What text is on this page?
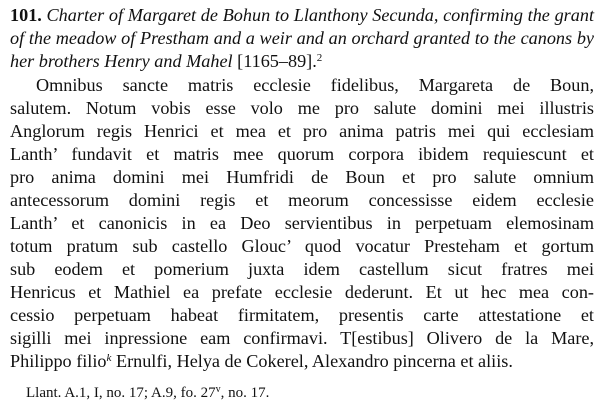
101. Charter of Margaret de Bohun to Llanthony Secunda, confirming the grant of the meadow of Prestham and a weir and an orchard granted to the canons by her brothers Henry and Mahel [1165–89].$^2$

Omnibus sancte matris ecclesie fidelibus, Margareta de Boun,
salutem. Notum vobis esse volo me pro salute domini mei illustris
Anglorum regis Henrici et mea et pro anima patris mei qui ecclesiam
Lanth’ fundavit et matris mee quorum corpora ibidem requiescunt et
pro anima domini mei Humfridi de Boun et pro salute omnium
antecessorum domini regis et meorum concessisse eidem ecclesie
Lanth’ et canonicis in ea Deo servientibus in perpetuam elemosinam
totum pratum sub castello Glouc’ quod vocatur Presteham et gortum
sub eodem et pomerium juxta idem castellum sicut fratres mei
Henricus et Mathiel ea prefate ecclesie dederunt. Et ut hec mea con-
cessio perpetuam habeat firmitatem, presentis carte attestatione et
sigilli mei inpressione eam confirmavi. T[estibus] Olivero de la Mare,
Philippo filio$^k$ Ernulfi, Helya de Cokerel, Alexandro pincerna et aliis.
Llant. A.1, I, no. 17; A.9, fo. 27$^v$, no. 17.
